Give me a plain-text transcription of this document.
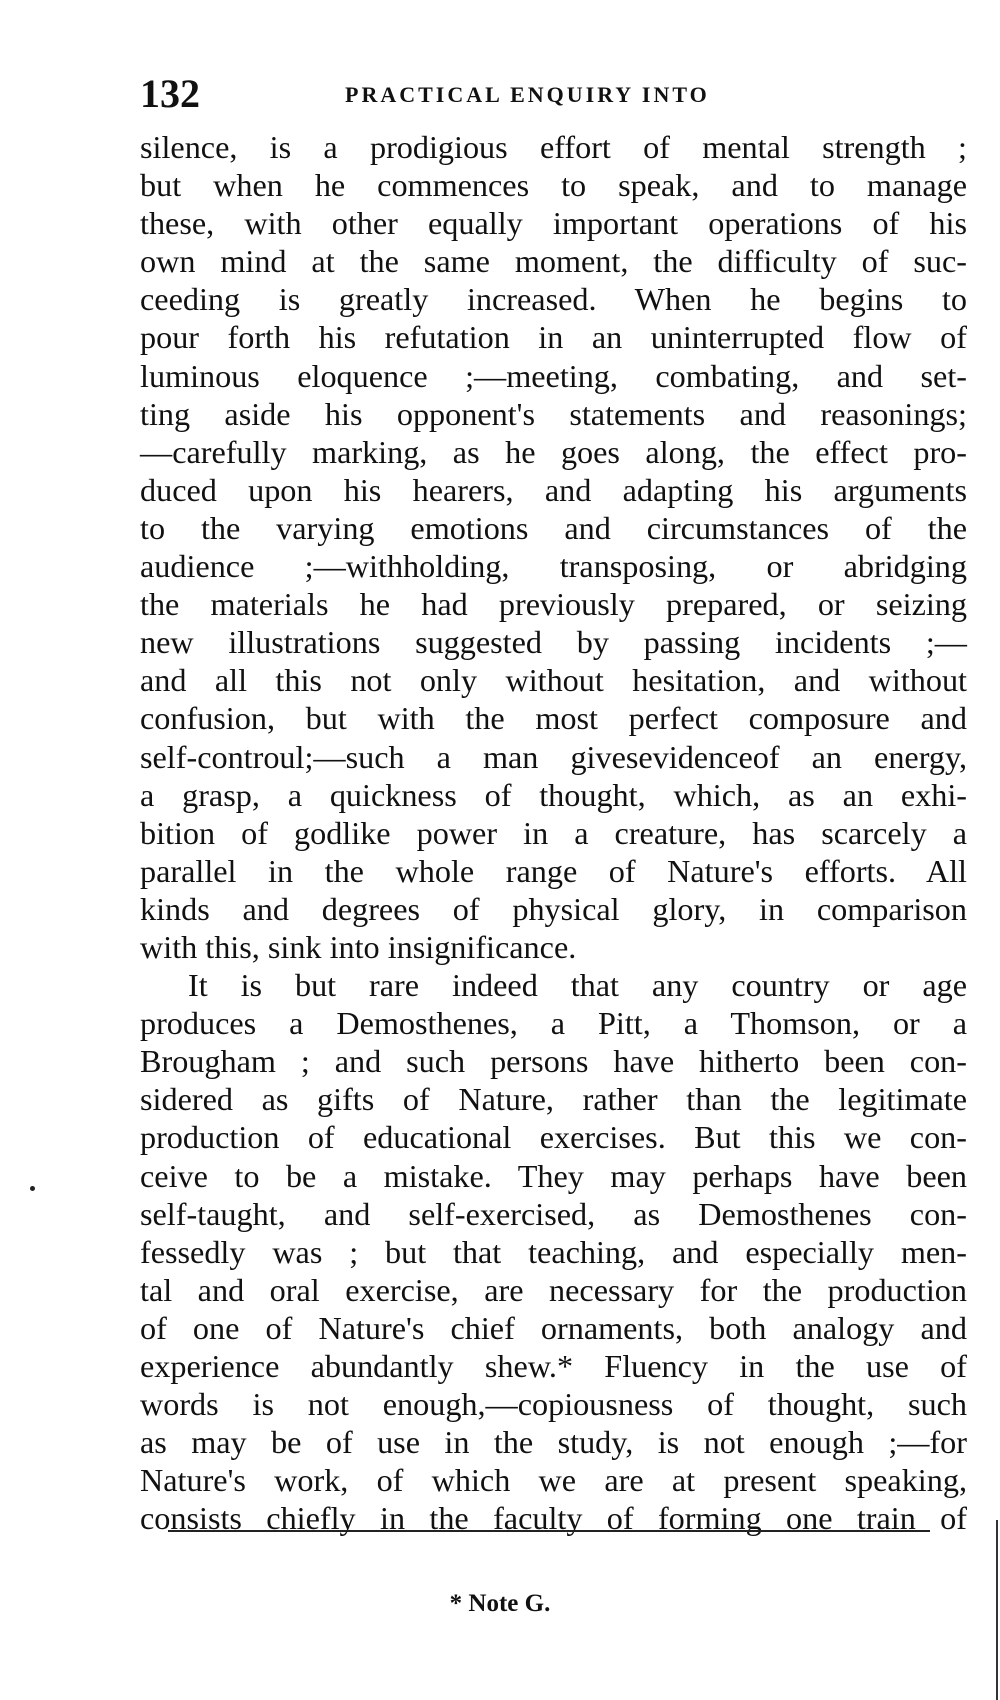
132	PRACTICAL ENQUIRY INTO
silence, is a prodigious effort of mental strength ;
but when he commences to speak, and to manage
these, with other equally important operations of his
own mind at the same moment, the difficulty of suc-
ceeding is greatly increased. When he begins to
pour forth his refutation in an uninterrupted flow of
luminous eloquence ;—meeting, combating, and set-
ting aside his opponent's statements and reasonings;
—carefully marking, as he goes along, the effect pro-
duced upon his hearers, and adapting his arguments
to the varying emotions and circumstances of the
audience ;—withholding, transposing, or abridging
the materials he had previously prepared, or seizing
new illustrations suggested by passing incidents ;—
and all this not only without hesitation, and without
confusion, but with the most perfect composure and
self-controul;—such a man givesevidenceof an energy,
a grasp, a quickness of thought, which, as an exhi-
bition of godlike power in a creature, has scarcely a
parallel in the whole range of Nature's efforts. All
kinds and degrees of physical glory, in comparison
with this, sink into insignificance.
It is but rare indeed that any country or age
produces a Demosthenes, a Pitt, a Thomson, or a
Brougham ; and such persons have hitherto been con-
sidered as gifts of Nature, rather than the legitimate
production of educational exercises. But this we con-
ceive to be a mistake. They may perhaps have been
self-taught, and self-exercised, as Demosthenes con-
fessedly was ; but that teaching, and especially men-
tal and oral exercise, are necessary for the production
of one of Nature's chief ornaments, both analogy and
experience abundantly shew.* Fluency in the use of
words is not enough,—copiousness of thought, such
as may be of use in the study, is not enough ;—for
Nature's work, of which we are at present speaking,
consists chiefly in the faculty of forming one train of
* Note G.
